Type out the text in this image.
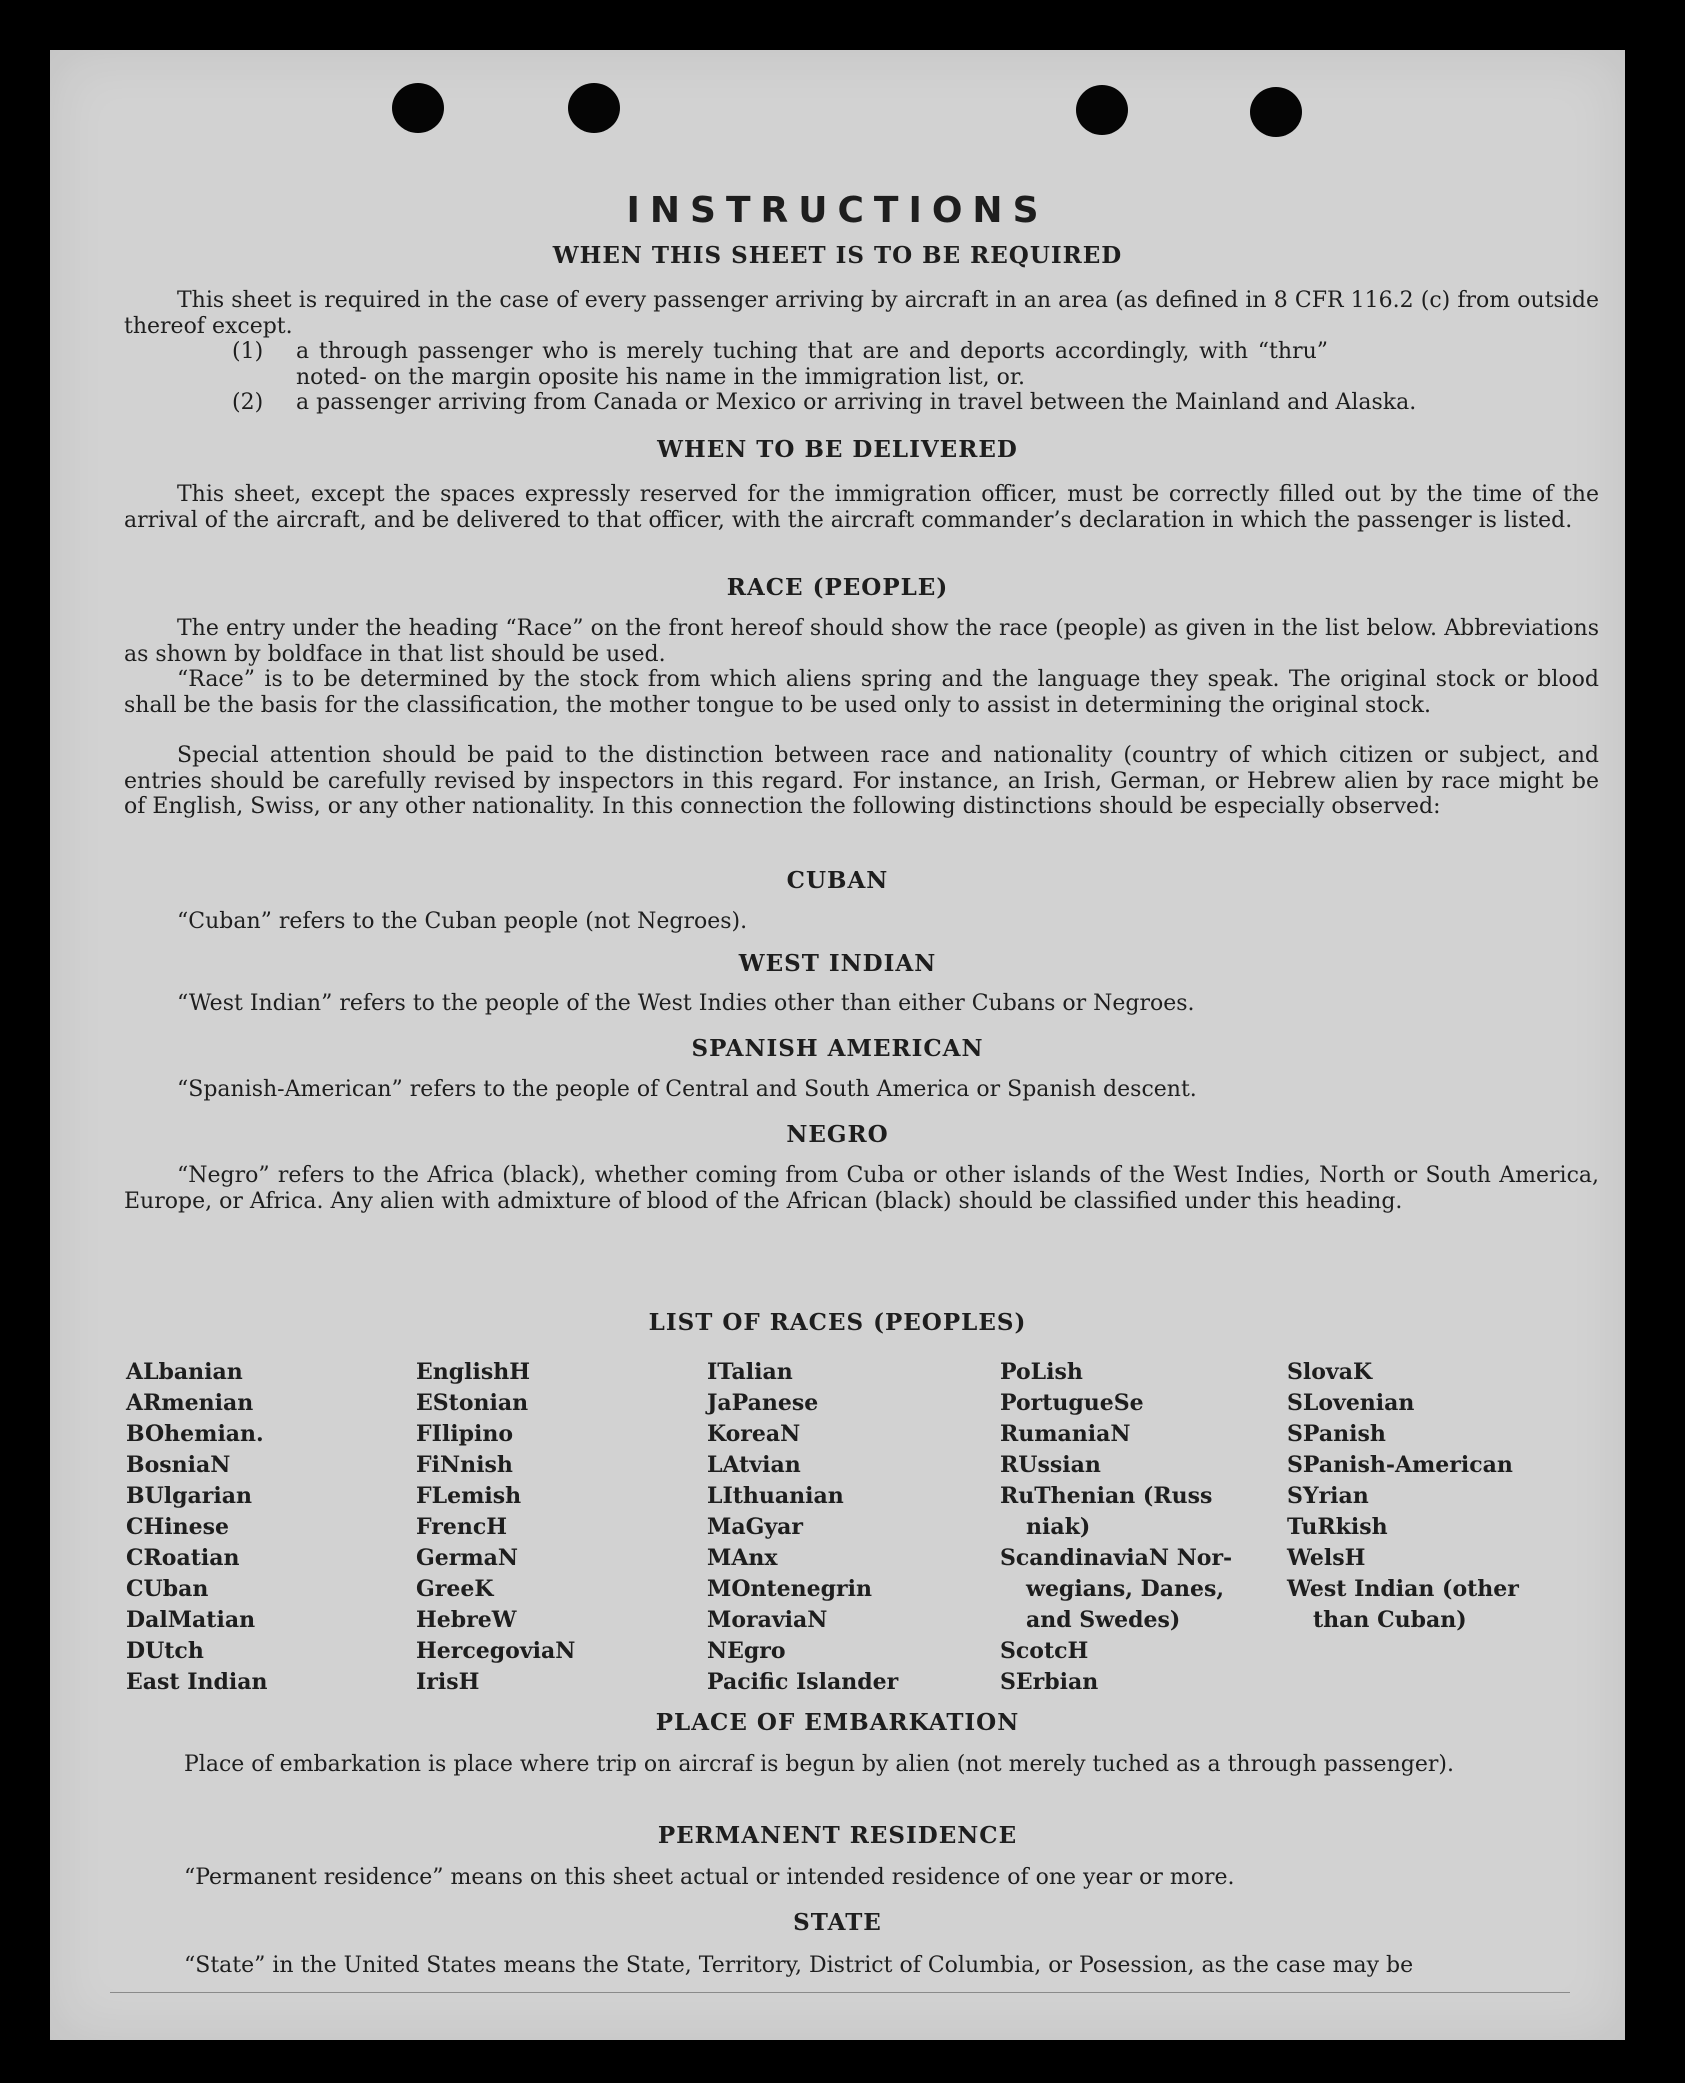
INSTRUCTIONS
WHEN THIS SHEET IS TO BE REQUIRED
This sheet is required in the case of every passenger arriving by aircraft in an area (as defined in 8 CFR 116.2 (c) from outside thereof except.
(1) a through passenger who is merely tuching that are and deports accordingly, with “thru” noted- on the margin oposite his name in the immigration list, or.
(2) a passenger arriving from Canada or Mexico or arriving in travel between the Mainland and Alaska.
WHEN TO BE DELIVERED
This sheet, except the spaces expressly reserved for the immigration officer, must be correctly filled out by the time of the arrival of the aircraft, and be delivered to that officer, with the aircraft commander’s declaration in which the passenger is listed.
RACE (PEOPLE)
The entry under the heading “Race” on the front hereof should show the race (people) as given in the list below. Abbreviations as shown by boldface in that list should be used.
“Race” is to be determined by the stock from which aliens spring and the language they speak. The original stock or blood shall be the basis for the classification, the mother tongue to be used only to assist in determining the original stock.
Special attention should be paid to the distinction between race and nationality (country of which citizen or subject, and entries should be carefully revised by inspectors in this regard. For instance, an Irish, German, or Hebrew alien by race might be of English, Swiss, or any other nationality. In this connection the following distinctions should be especially observed:
CUBAN
“Cuban” refers to the Cuban people (not Negroes).
WEST INDIAN
“West Indian” refers to the people of the West Indies other than either Cubans or Negroes.
SPANISH AMERICAN
“Spanish-American” refers to the people of Central and South America or Spanish descent.
NEGRO
“Negro” refers to the Africa (black), whether coming from Cuba or other islands of the West Indies, North or South America, Europe, or Africa. Any alien with admixture of blood of the African (black) should be classified under this heading.
LIST OF RACES (PEOPLES)
ALbanian
ARmenian
BOhemian.
BosniaN
BUlgarian
CHinese
CRoatian
CUban
DalMatian
DUtch
East Indian
EnglishH
EStonian
FIlipino
FiNnish
FLemish
FrencH
GermaN
GreeK
HebreW
HercegoviaN
IrisH
ITalian
JaPanese
KoreaN
LAtvian
LIthuanian
MaGyar
MAnx
MOntenegrin
MoraviaN
NEgro
Pacific Islander
PoLish
PortugueSe
RumaniaN
RUssian
RuThenian (Russ
niak)
ScandinaviaN Nor-
wegians, Danes,
and Swedes)
ScotcH
SErbian
SlovaK
SLovenian
SPanish
SPanish-American
SYrian
TuRkish
WelsH
West Indian (other
than Cuban)
PLACE OF EMBARKATION
Place of embarkation is place where trip on aircraf is begun by alien (not merely tuched as a through passenger).
PERMANENT RESIDENCE
“Permanent residence” means on this sheet actual or intended residence of one year or more.
STATE
“State” in the United States means the State, Territory, District of Columbia, or Posession, as the case may be
